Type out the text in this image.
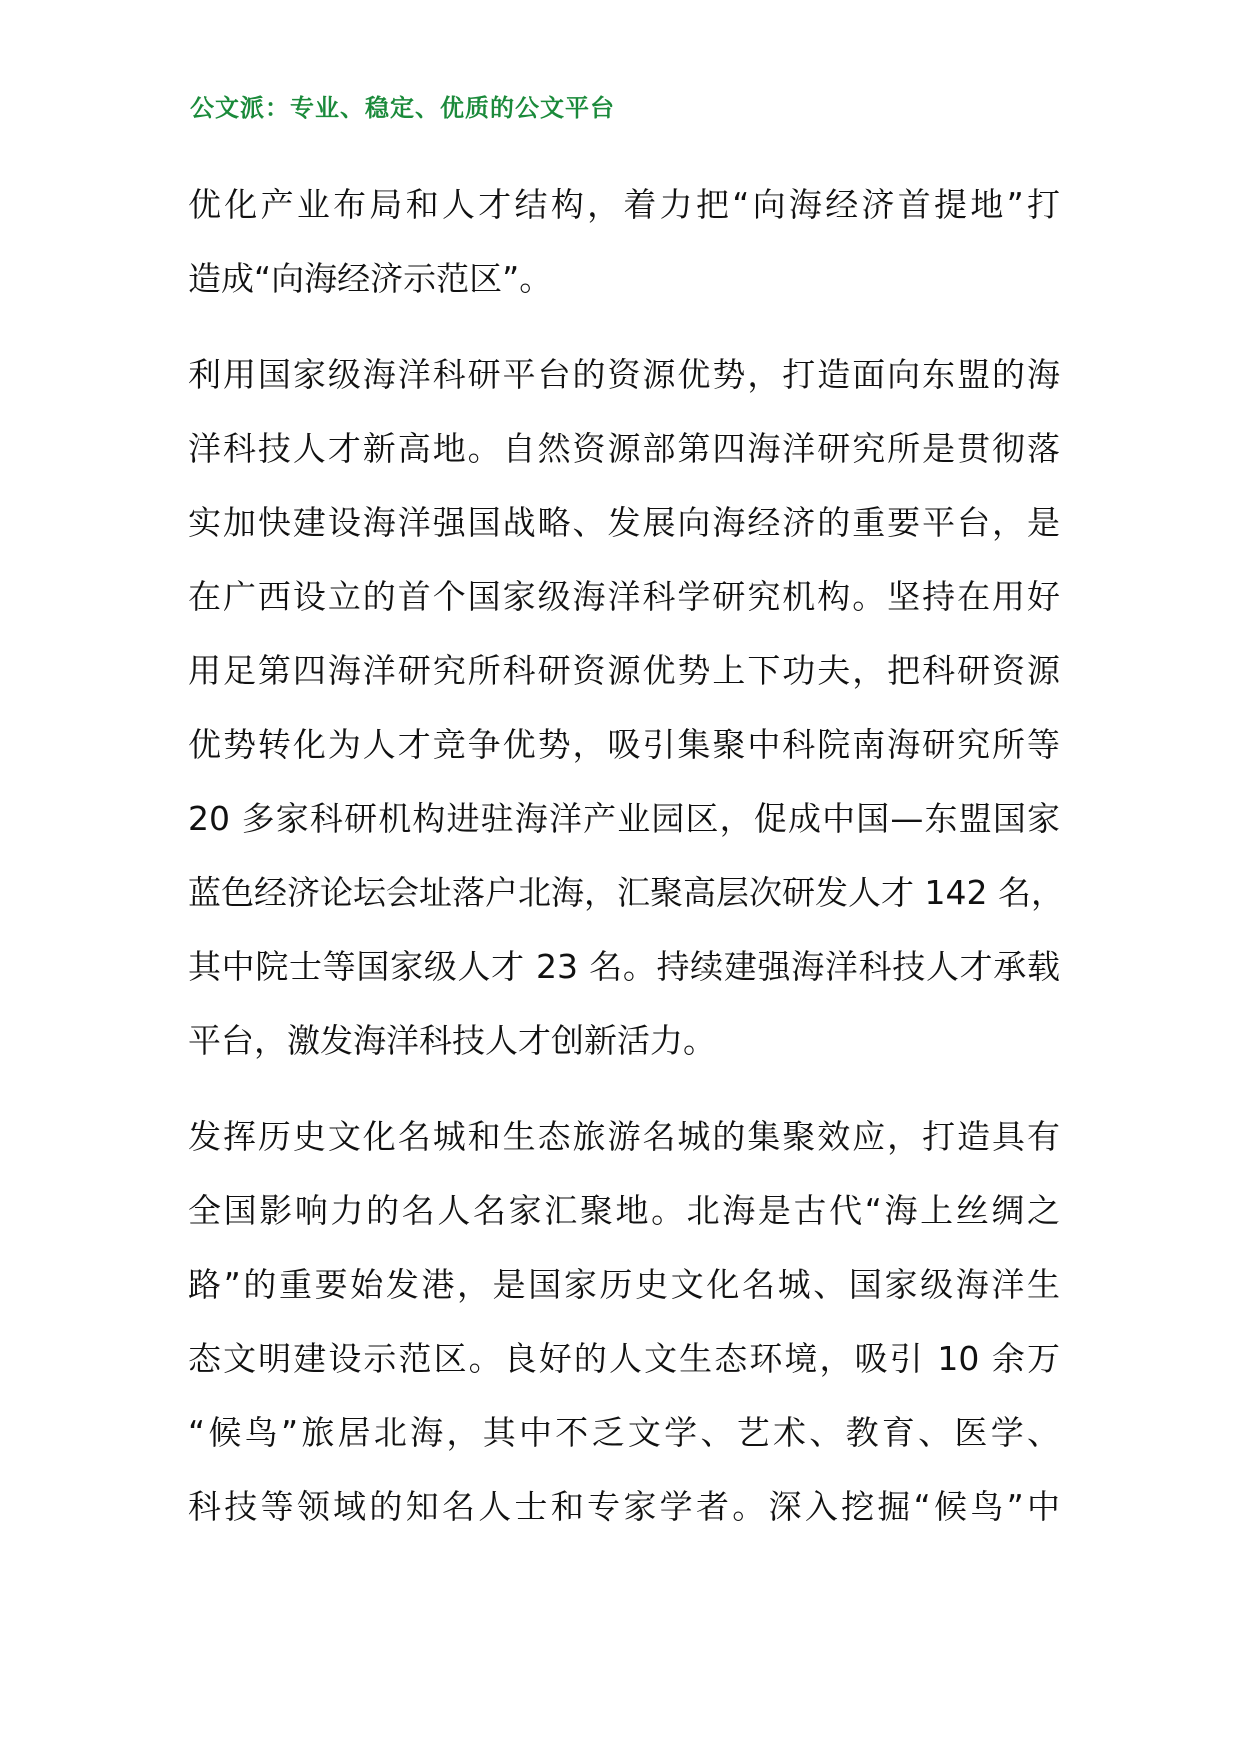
公文派：专业、稳定、优质的公文平台
优化产业布局和人才结构，着力把“向海经济首提地”打
造成“向海经济示范区”。
利用国家级海洋科研平台的资源优势，打造面向东盟的海
洋科技人才新高地。自然资源部第四海洋研究所是贯彻落
实加快建设海洋强国战略、发展向海经济的重要平台，是
在广西设立的首个国家级海洋科学研究机构。坚持在用好
用足第四海洋研究所科研资源优势上下功夫，把科研资源
优势转化为人才竞争优势，吸引集聚中科院南海研究所等
20 多家科研机构进驻海洋产业园区，促成中国—东盟国家
蓝色经济论坛会址落户北海，汇聚高层次研发人才 142 名，
其中院士等国家级人才 23 名。持续建强海洋科技人才承载
平台，激发海洋科技人才创新活力。
发挥历史文化名城和生态旅游名城的集聚效应，打造具有
全国影响力的名人名家汇聚地。北海是古代“海上丝绸之
路”的重要始发港，是国家历史文化名城、国家级海洋生
态文明建设示范区。良好的人文生态环境，吸引 10 余万
“候鸟”旅居北海，其中不乏文学、艺术、教育、医学、
科技等领域的知名人士和专家学者。深入挖掘“候鸟”中
